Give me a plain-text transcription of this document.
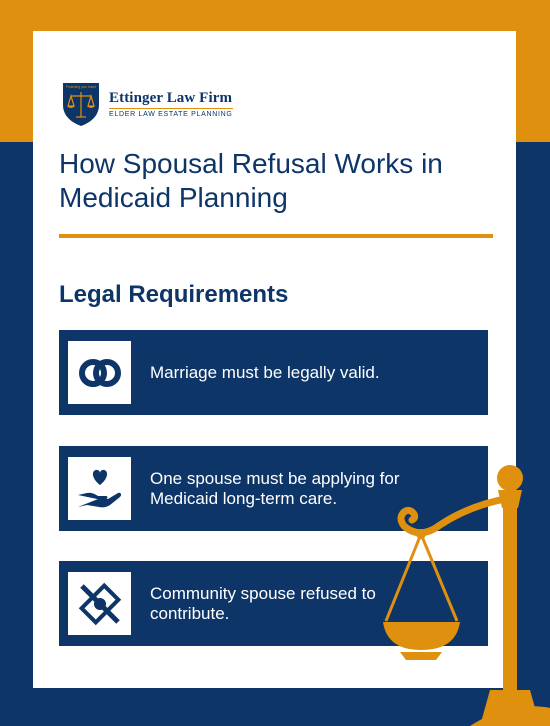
Protecting your future
Ettinger Law Firm
ELDER LAW ESTATE PLANNING
How Spousal Refusal Works in Medicaid Planning
Legal Requirements
Marriage must be legally valid.
One spouse must be applying for Medicaid long-term care.
Community spouse refused to contribute.
